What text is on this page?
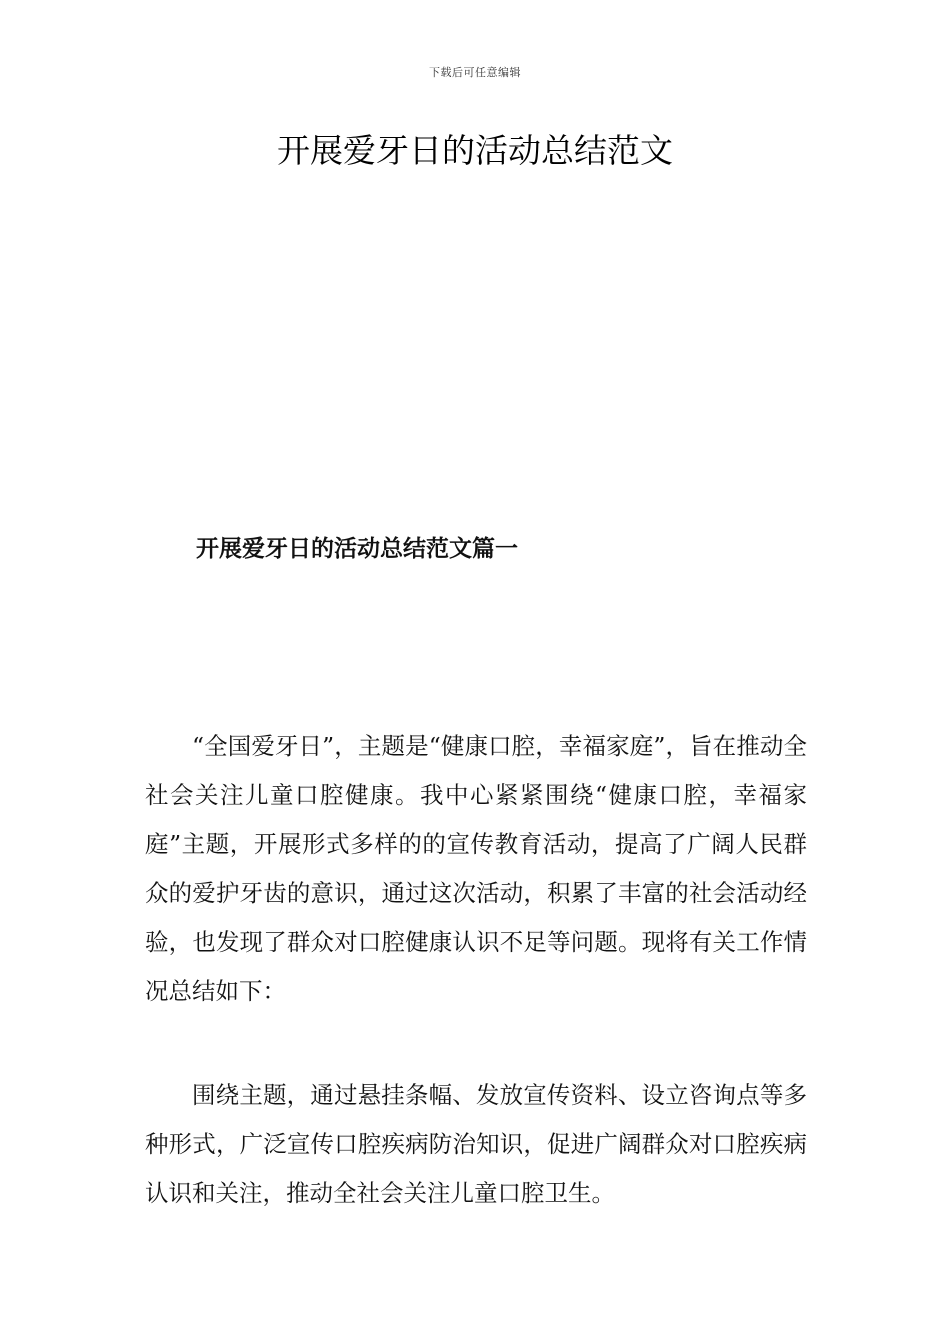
下载后可任意编辑
开展爱牙日的活动总结范文
开展爱牙日的活动总结范文篇一

“全国爱牙日”，主题是“健康口腔，幸福家庭”，旨在推动全社会关注儿童口腔健康。我中心紧紧围绕“健康口腔，幸福家庭”主题，开展形式多样的的宣传教育活动，提高了广阔人民群众的爱护牙齿的意识，通过这次活动，积累了丰富的社会活动经验，也发现了群众对口腔健康认识不足等问题。现将有关工作情况总结如下：

围绕主题，通过悬挂条幅、发放宣传资料、设立咨询点等多种形式，广泛宣传口腔疾病防治知识，促进广阔群众对口腔疾病认识和关注，推动全社会关注儿童口腔卫生。
